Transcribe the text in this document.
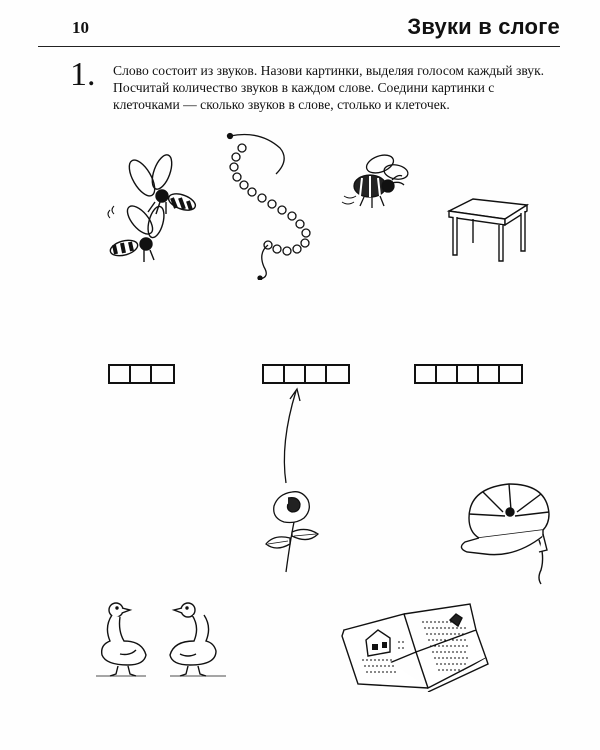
10	Звуки в слоге
1. Слово состоит из звуков. Назови картинки, выделяя голосом каждый звук. Посчитай количество звуков в каждом слове. Соедини картинки с клеточками — сколько звуков в слове, столько и клеточек.
